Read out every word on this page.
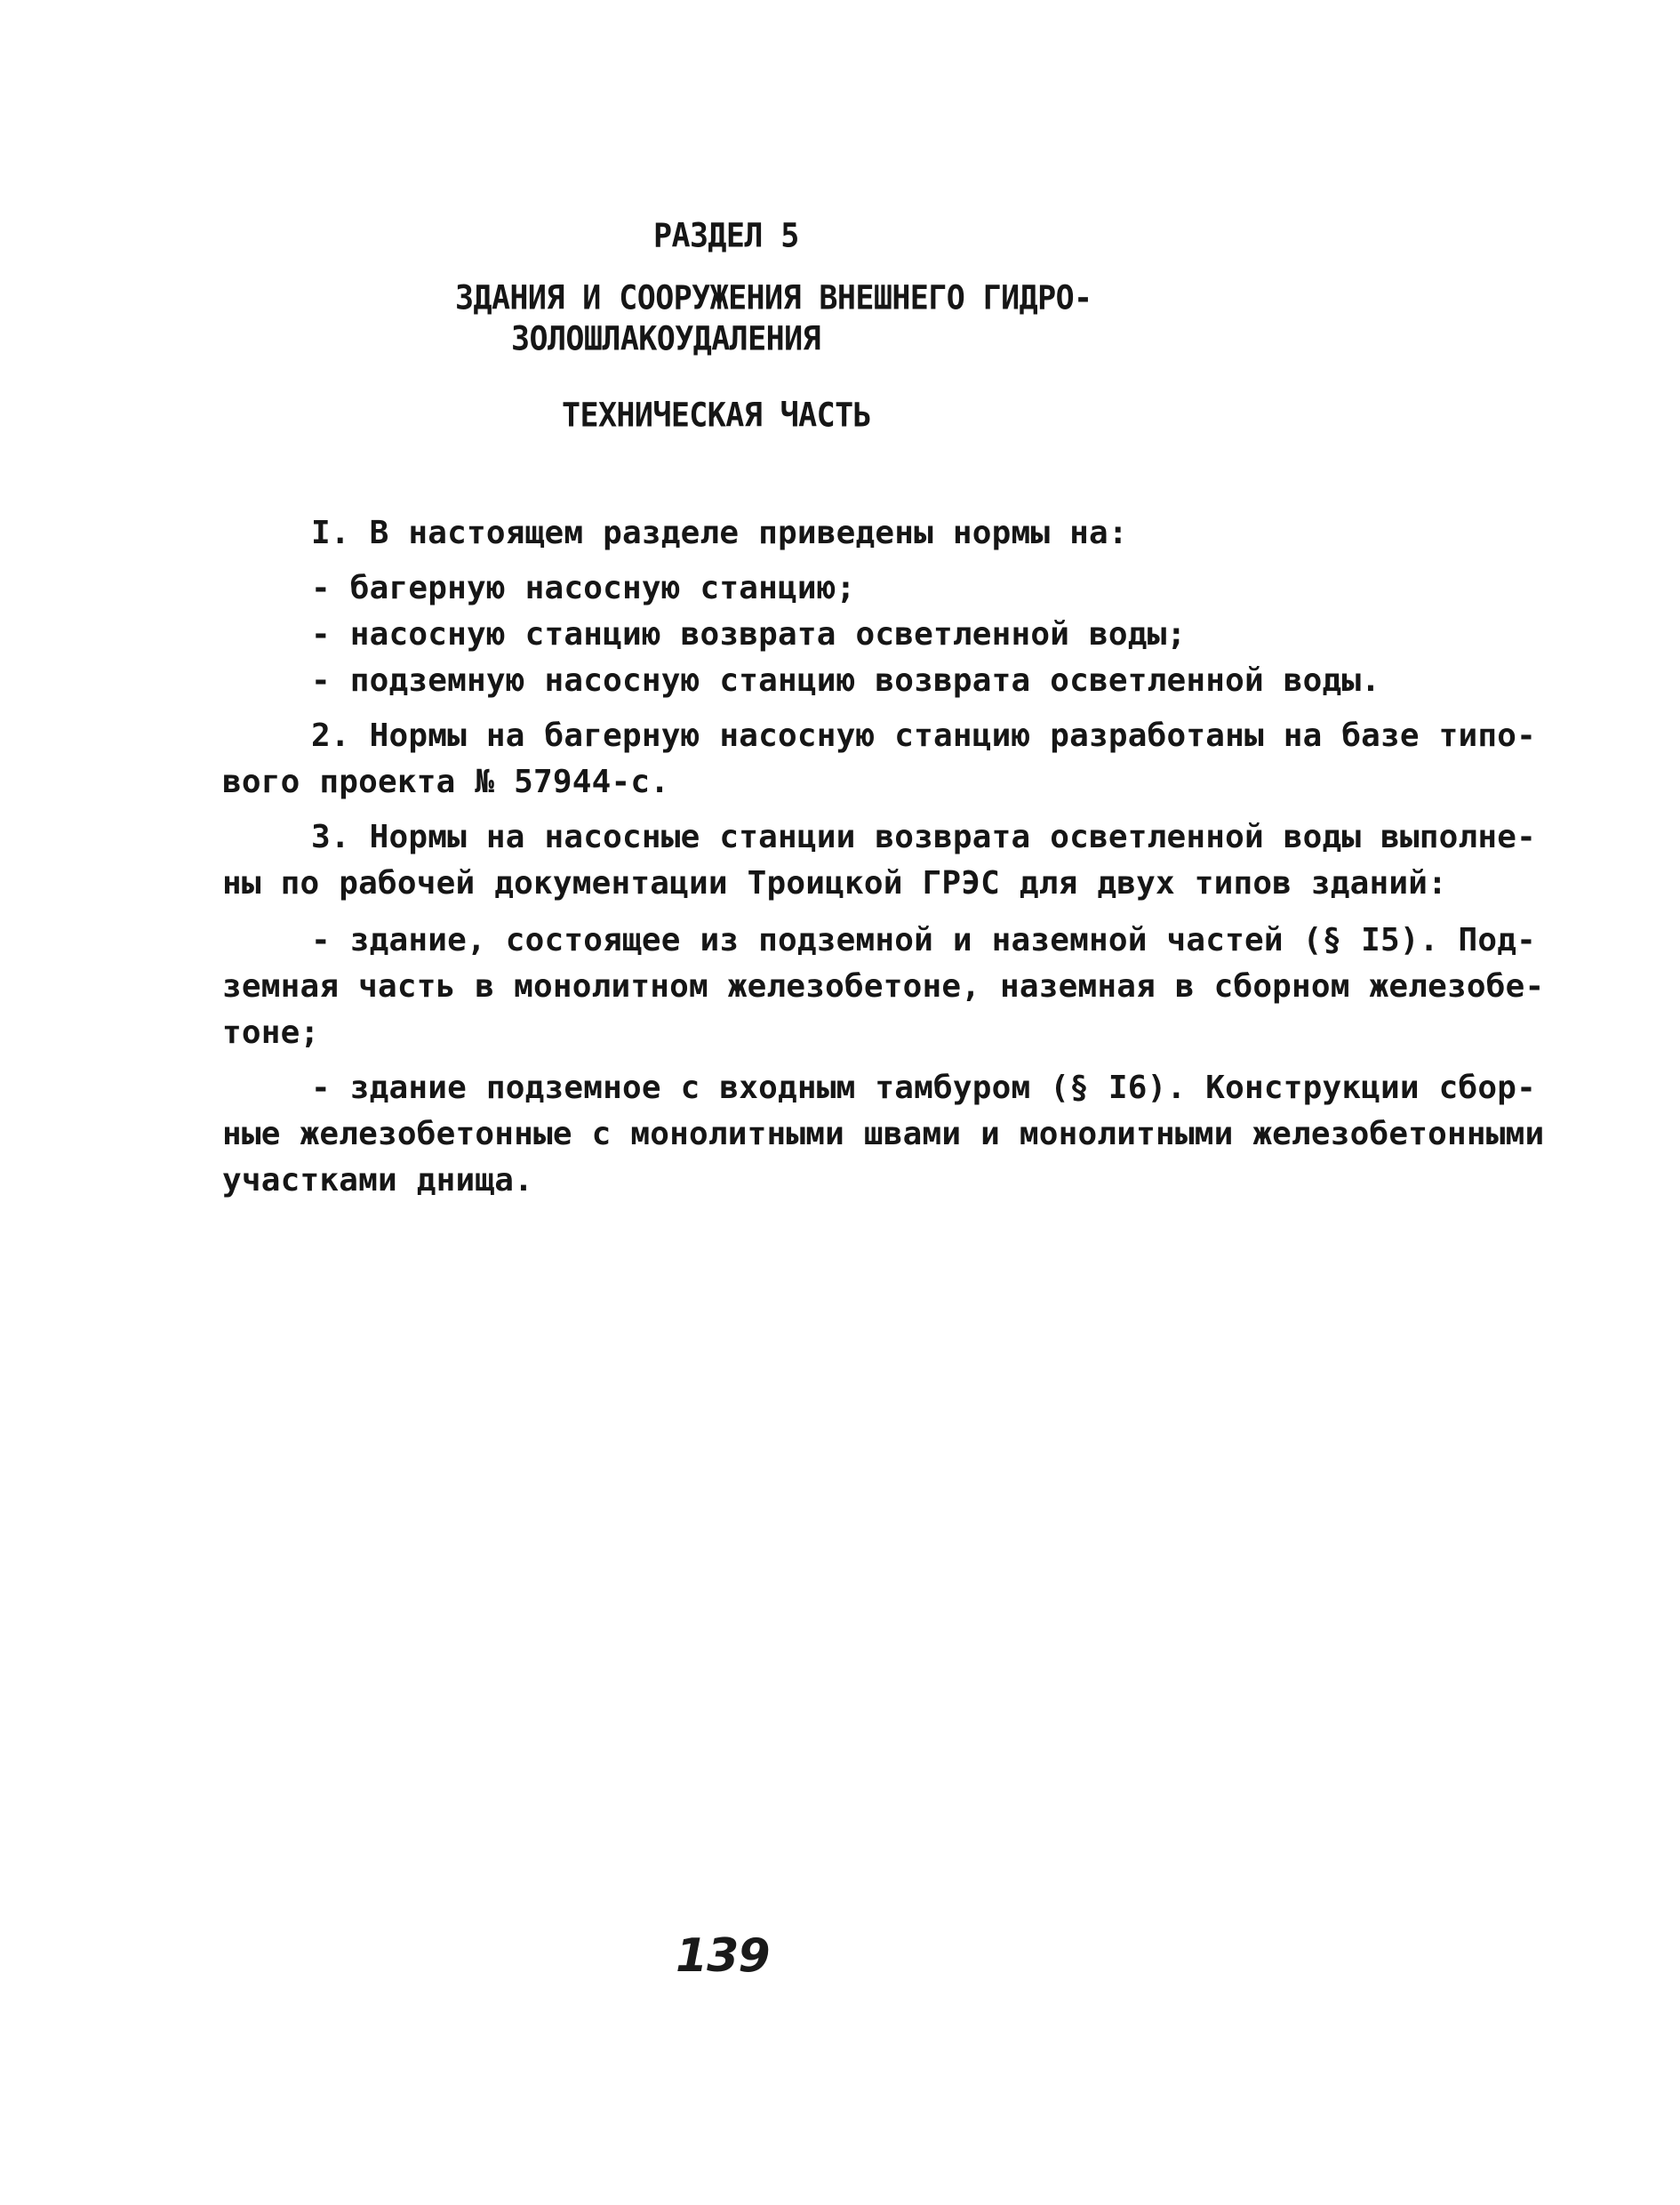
РАЗДЕЛ 5
ЗДАНИЯ И СООРУЖЕНИЯ ВНЕШНЕГО ГИДРО-
ЗОЛОШЛАКОУДАЛЕНИЯ
ТЕХНИЧЕСКАЯ ЧАСТЬ
I. В настоящем разделе приведены нормы на:
- багерную насосную станцию;
- насосную станцию возврата осветленной воды;
- подземную насосную станцию возврата осветленной воды.
2. Нормы на багерную насосную станцию разработаны на базе типо-
вого проекта № 57944-с.
3. Нормы на насосные станции возврата осветленной воды выполне-
ны по рабочей документации Троицкой ГРЭС для двух типов зданий:
- здание, состоящее из подземной и наземной частей (§ I5). Под-
земная часть в монолитном железобетоне, наземная в сборном железобе-
тоне;
- здание подземное с входным тамбуром (§ I6). Конструкции сбор-
ные железобетонные с монолитными швами и монолитными железобетонными
участками днища.
139
